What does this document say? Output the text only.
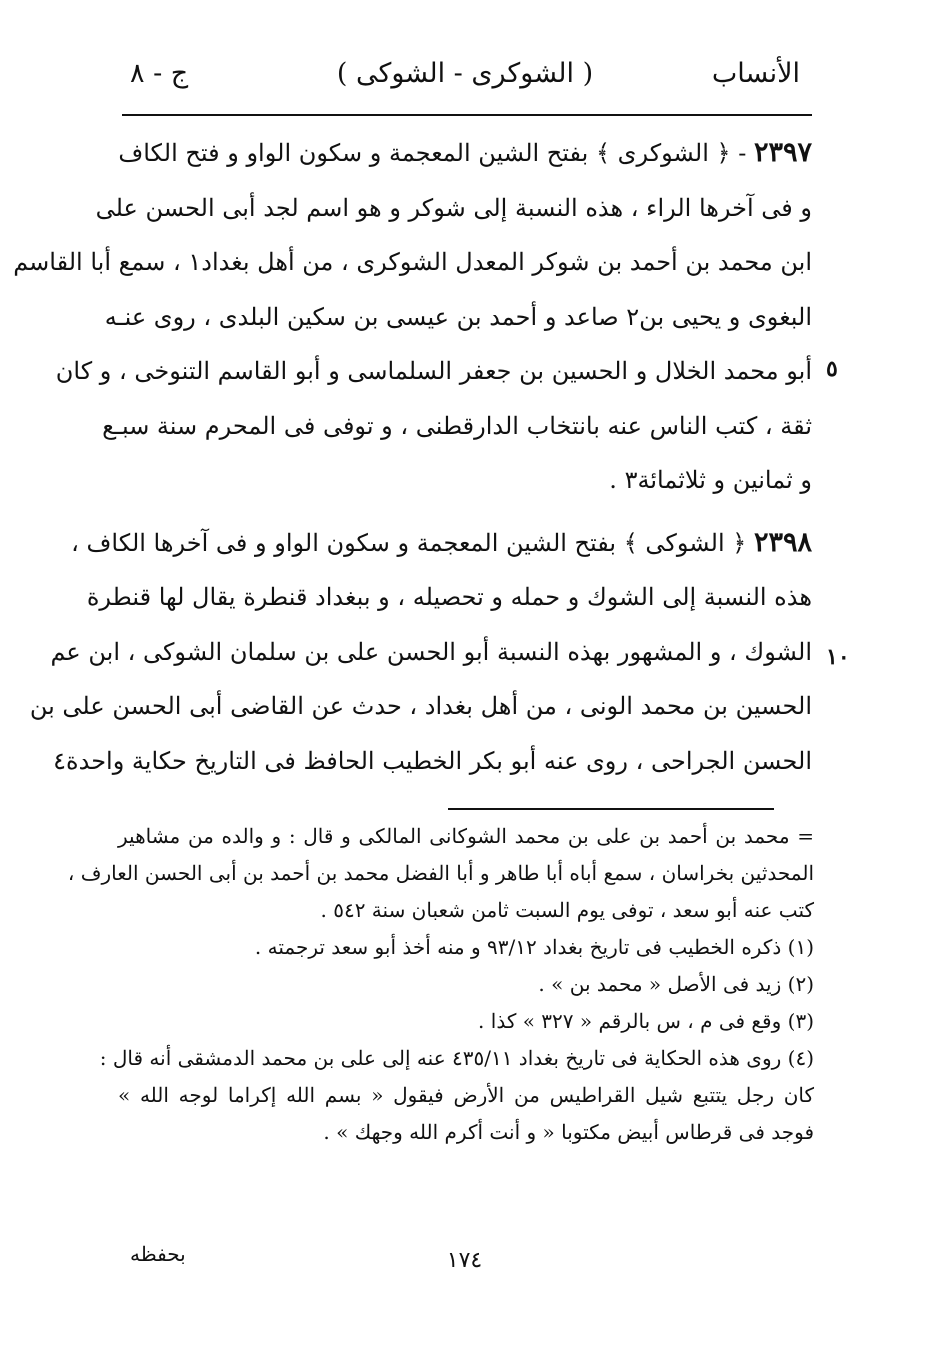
الأنساب
( الشوكرى - الشوكى )
ج - ٨
٥
١٠
٢٣٩٧ - ﴿ الشوكرى ﴾ بفتح الشين المعجمة و سكون الواو و فتح الكاف
و فى آخرها الراء ، هذه النسبة إلى شوكر و هو اسم لجد أبى الحسن على
ابن محمد بن أحمد بن شوكر المعدل الشوكرى ، من أهل بغداد١ ، سمع أبا القاسم
البغوى و يحيى بن٢ صاعد و أحمد بن عيسى بن سكين البلدى ، روى عنـه
أبو محمد الخلال و الحسين بن جعفر السلماسى و أبو القاسم التنوخى ، و كان
ثقة ، كتب الناس عنه بانتخاب الدارقطنى ، و توفى فى المحرم سنة سبـع
و ثمانين و ثلاثمائة٣ .
٢٣٩٨ ﴿ الشوكى ﴾ بفتح الشين المعجمة و سكون الواو و فى آخرها الكاف ،
هذه النسبة إلى الشوك و حمله و تحصيله ، و ببغداد قنطرة يقال لها قنطرة
الشوك ، و المشهور بهذه النسبة أبو الحسن على بن سلمان الشوكى ، ابن عم
الحسين بن محمد الونى ، من أهل بغداد ، حدث عن القاضى أبى الحسن على بن
الحسن الجراحى ، روى عنه أبو بكر الخطيب الحافظ فى التاريخ حكاية واحدة٤
= محمد بن أحمد بن على بن محمد الشوكانى المالكى و قال : و والده من مشاهير
المحدثين بخراسان ، سمع أباه أبا طاهر و أبا الفضل محمد بن أحمد بن أبى الحسن العارف ،
كتب عنه أبو سعد ، توفى يوم السبت ثامن شعبان سنة ٥٤٢ .
(١) ذكره الخطيب فى تاريخ بغداد ٩٣/١٢ و منه أخذ أبو سعد ترجمته .
(٢) زيد فى الأصل « محمد بن » .
(٣) وقع فى م ، س بالرقم « ٣٢٧ » كذا .
(٤) روى هذه الحكاية فى تاريخ بغداد ٤٣٥/١١ عنه إلى على بن محمد الدمشقى أنه قال :
كان رجل يتتبع شيل القراطيس من الأرض فيقول « بسم الله إكراما لوجه الله »
فوجد فى قرطاس أبيض مكتوبا « و أنت أكرم الله وجهك » .
١٧٤
بحفظه
